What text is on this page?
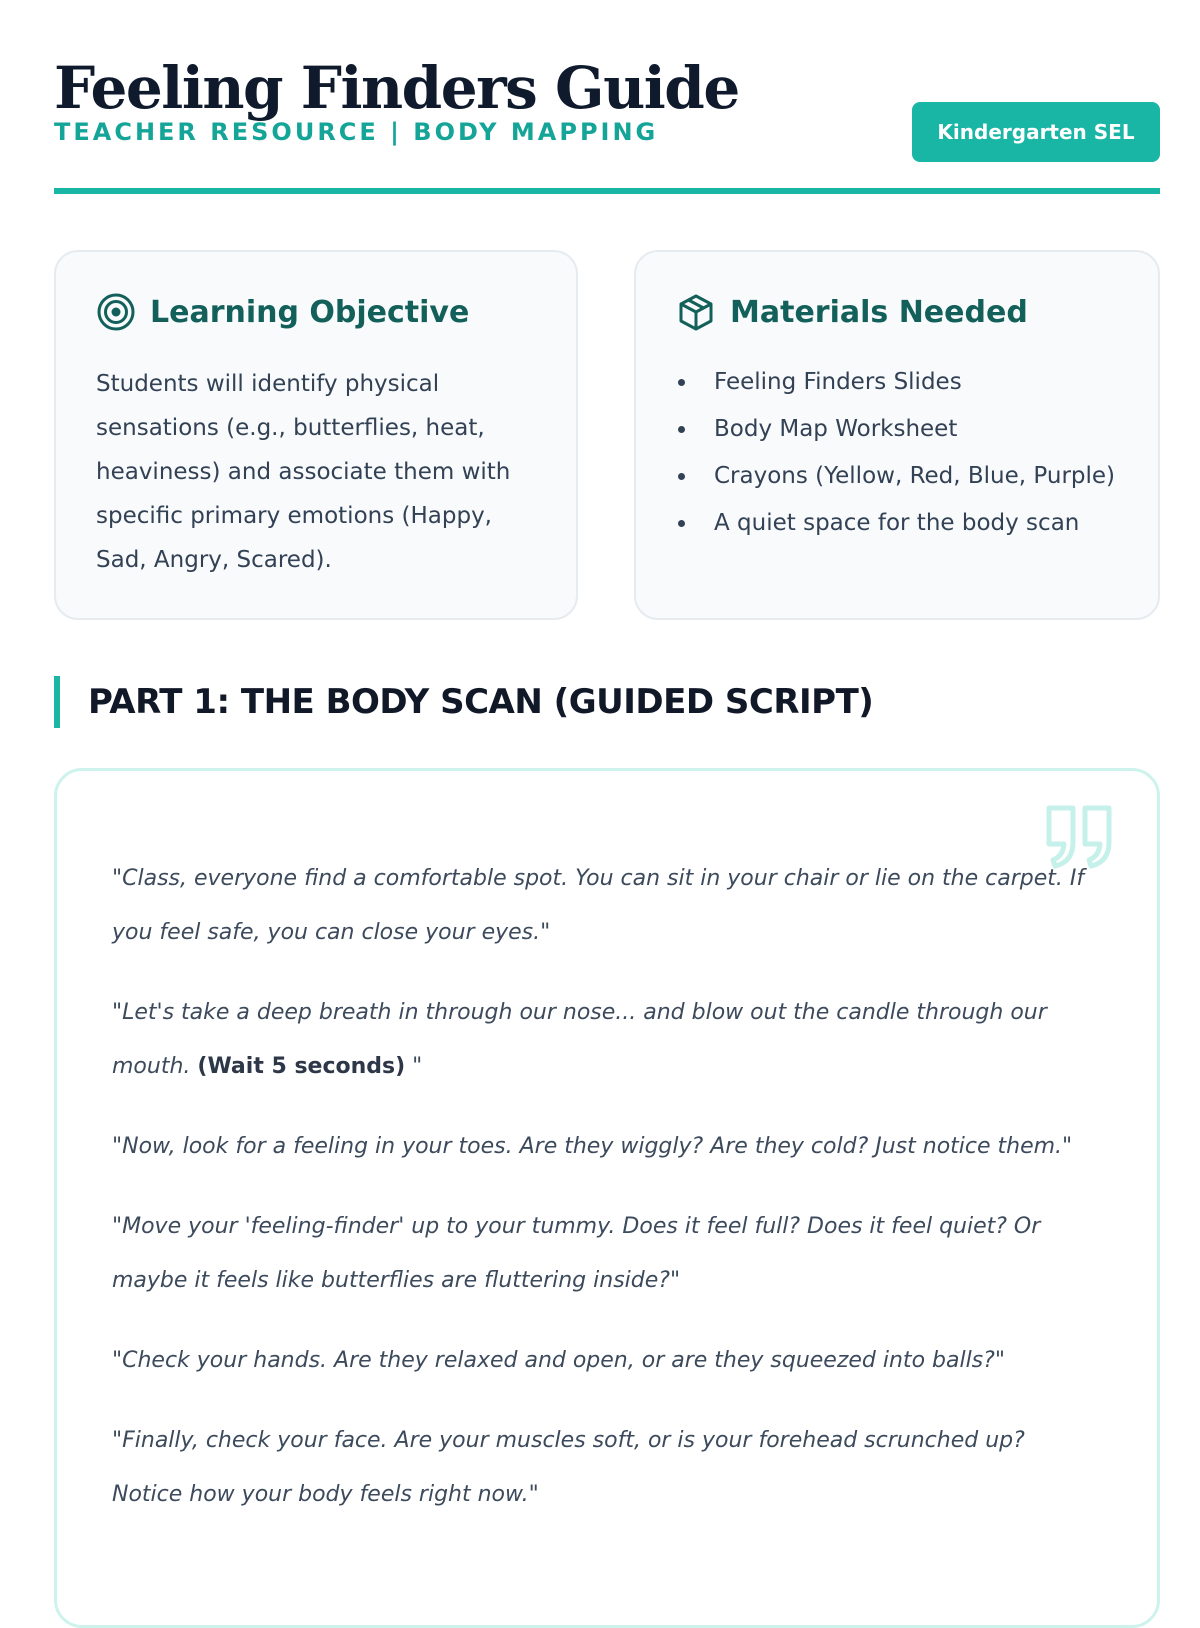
Feeling Finders Guide
TEACHER RESOURCE | BODY MAPPING	Kindergarten SEL
Learning Objective
Students will identify physical sensations (e.g., butterflies, heat, heaviness) and associate them with specific primary emotions (Happy, Sad, Angry, Scared).
Materials Needed
Feeling Finders Slides
Body Map Worksheet
Crayons (Yellow, Red, Blue, Purple)
A quiet space for the body scan
PART 1: THE BODY SCAN (GUIDED SCRIPT)

"Class, everyone find a comfortable spot. You can sit in your chair or lie on the carpet. If you feel safe, you can close your eyes."

"Let's take a deep breath in through our nose... and blow out the candle through our mouth. (Wait 5 seconds) "

"Now, look for a feeling in your toes. Are they wiggly? Are they cold? Just notice them."

"Move your 'feeling-finder' up to your tummy. Does it feel full? Does it feel quiet? Or maybe it feels like butterflies are fluttering inside?"

"Check your hands. Are they relaxed and open, or are they squeezed into balls?"

"Finally, check your face. Are your muscles soft, or is your forehead scrunched up? Notice how your body feels right now."
